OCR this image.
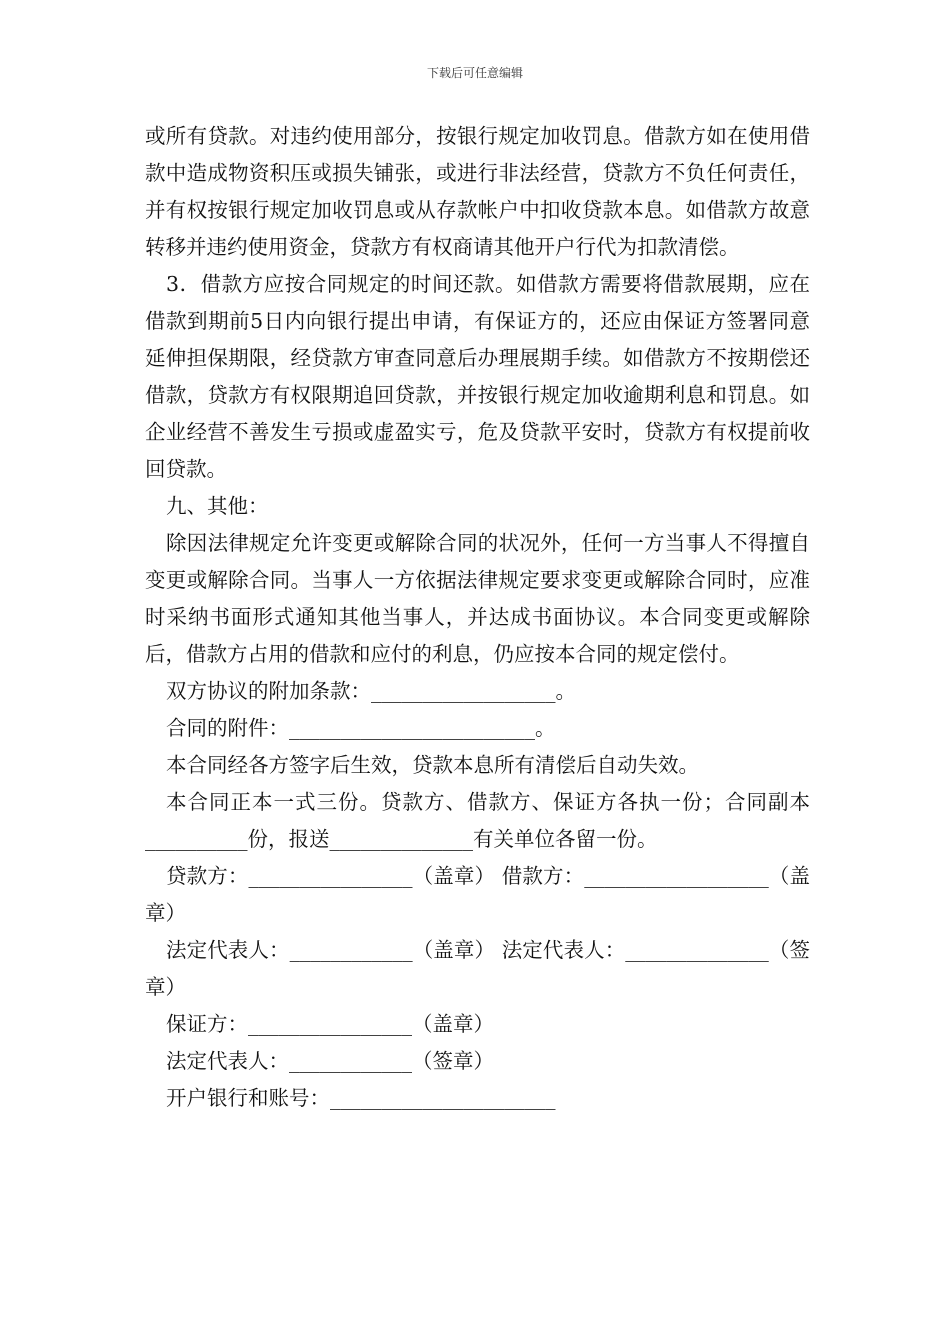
下载后可任意编辑

或所有贷款。对违约使用部分，按银行规定加收罚息。借款方如在使用借款中造成物资积压或损失铺张，或进行非法经营，贷款方不负任何责任，并有权按银行规定加收罚息或从存款帐户中扣收贷款本息。如借款方故意转移并违约使用资金，贷款方有权商请其他开户行代为扣款清偿。

3．借款方应按合同规定的时间还款。如借款方需要将借款展期，应在借款到期前5日内向银行提出申请，有保证方的，还应由保证方签署同意延伸担保期限，经贷款方审查同意后办理展期手续。如借款方不按期偿还借款，贷款方有权限期追回贷款，并按银行规定加收逾期利息和罚息。如企业经营不善发生亏损或虚盈实亏，危及贷款平安时，贷款方有权提前收回贷款。

九、其他：

除因法律规定允许变更或解除合同的状况外，任何一方当事人不得擅自变更或解除合同。当事人一方依据法律规定要求变更或解除合同时，应准时采纳书面形式通知其他当事人，并达成书面协议。本合同变更或解除后，借款方占用的借款和应付的利息，仍应按本合同的规定偿付。

双方协议的附加条款：__________________。

合同的附件：________________________。

本合同经各方签字后生效，贷款本息所有清偿后自动失效。

本合同正本一式三份。贷款方、借款方、保证方各执一份；合同副本__________份，报送______________有关单位各留一份。

贷款方：________________（盖章） 借款方：__________________（盖章）

法定代表人：____________（盖章） 法定代表人：______________（签章）

保证方：________________（盖章）

法定代表人：____________（签章）

开户银行和账号：______________________
